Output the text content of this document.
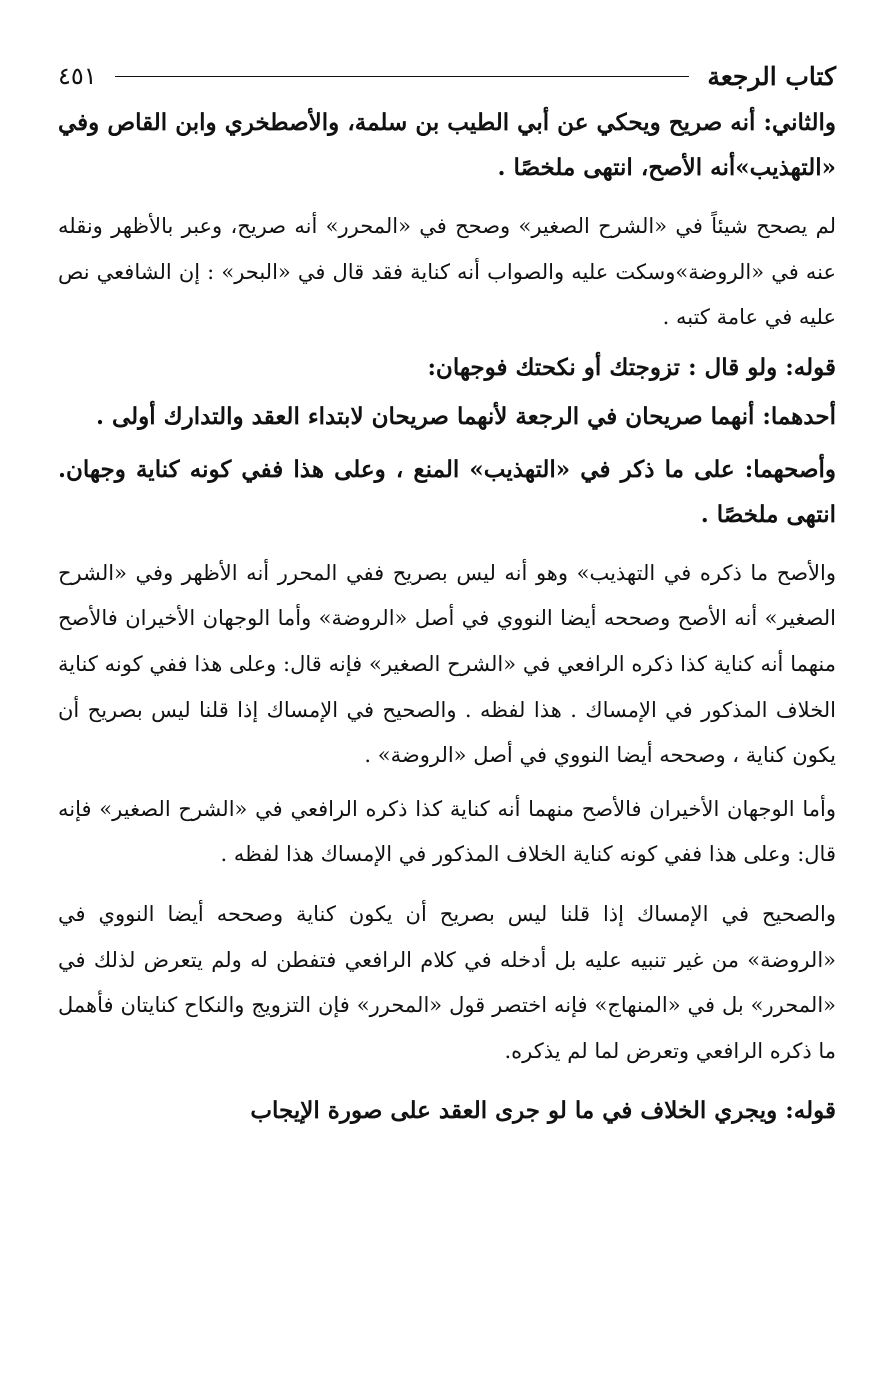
كتاب الرجعة
٤٥١

والثاني: أنه صريح ويحكي عن أبي الطيب بن سلمة، والأصطخري وابن القاص وفي «التهذيب»أنه الأصح، انتهى ملخصًا .

لم يصحح شيئاً في «الشرح الصغير» وصحح في «المحرر» أنه صريح، وعبر بالأظهر ونقله عنه في «الروضة»وسكت عليه والصواب أنه كناية فقد قال في «البحر» : إن الشافعي نص عليه في عامة كتبه .

قوله: ولو قال : تزوجتك أو نكحتك فوجهان:

أحدهما: أنهما صريحان في الرجعة لأنهما صريحان لابتداء العقد والتدارك أولى .

وأصحهما: على ما ذكر في «التهذيب» المنع ، وعلى هذا ففي كونه كناية وجهان. انتهى ملخصًا .

والأصح ما ذكره في التهذيب» وهو أنه ليس بصريح ففي المحرر أنه الأظهر وفي «الشرح الصغير» أنه الأصح وصححه أيضا النووي في أصل «الروضة» وأما الوجهان الأخيران فالأصح منهما أنه كناية كذا ذكره الرافعي في «الشرح الصغير» فإنه قال: وعلى هذا ففي كونه كناية الخلاف المذكور في الإمساك . هذا لفظه . والصحيح في الإمساك إذا قلنا ليس بصريح أن يكون كناية ، وصححه أيضا النووي في أصل «الروضة» .

وأما الوجهان الأخيران فالأصح منهما أنه كناية كذا ذكره الرافعي في «الشرح الصغير» فإنه قال: وعلى هذا ففي كونه كناية الخلاف المذكور في الإمساك هذا لفظه .

والصحيح في الإمساك إذا قلنا ليس بصريح أن يكون كناية وصححه أيضا النووي في «الروضة» من غير تنبيه عليه بل أدخله في كلام الرافعي فتفطن له ولم يتعرض لذلك في «المحرر» بل في «المنهاج» فإنه اختصر قول «المحرر» فإن التزويج والنكاح كنايتان فأهمل ما ذكره الرافعي وتعرض لما لم يذكره.

قوله: ويجري الخلاف في ما لو جرى العقد على صورة الإيجاب
